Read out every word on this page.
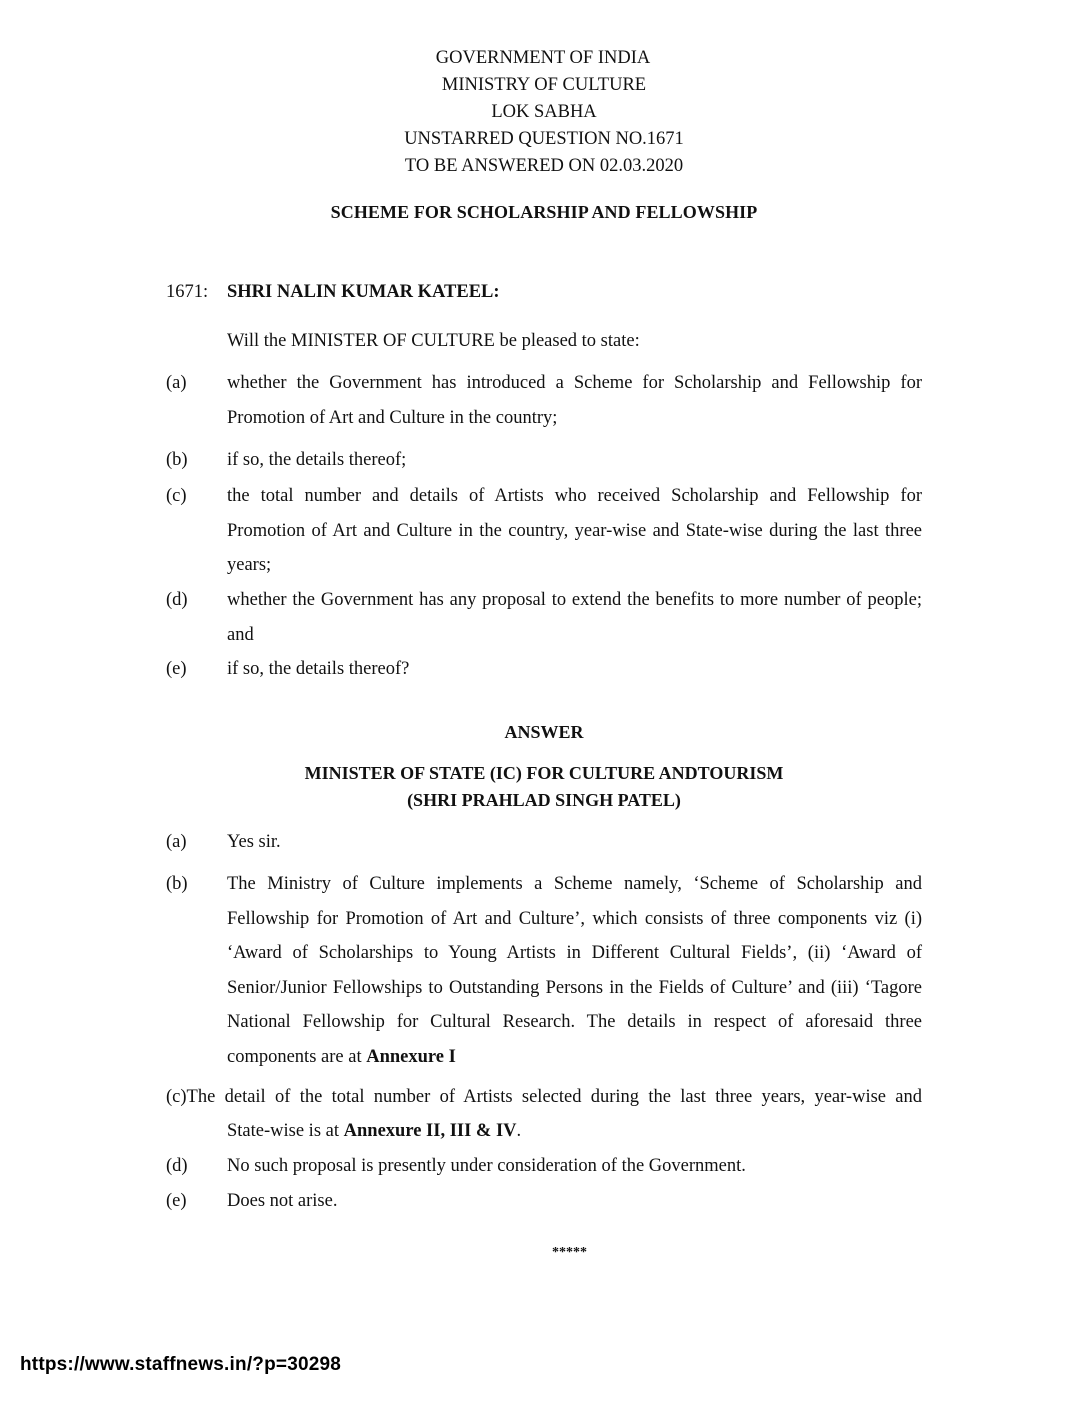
GOVERNMENT OF INDIA
MINISTRY OF CULTURE
LOK SABHA
UNSTARRED QUESTION NO.1671
TO BE ANSWERED ON 02.03.2020
SCHEME FOR SCHOLARSHIP AND FELLOWSHIP
1671: SHRI NALIN KUMAR KATEEL:
Will the MINISTER OF CULTURE be pleased to state:
(a) whether the Government has introduced a Scheme for Scholarship and Fellowship for Promotion of Art and Culture in the country;
(b) if so, the details thereof;
(c) the total number and details of Artists who received Scholarship and Fellowship for Promotion of Art and Culture in the country, year-wise and State-wise during the last three years;
(d) whether the Government has any proposal to extend the benefits to more number of people; and
(e) if so, the details thereof?
ANSWER
MINISTER OF STATE (IC) FOR CULTURE ANDTOURISM
(SHRI PRAHLAD SINGH PATEL)
(a) Yes sir.
(b) The Ministry of Culture implements a Scheme namely, ‘Scheme of Scholarship and Fellowship for Promotion of Art and Culture’, which consists of three components viz (i) ‘Award of Scholarships to Young Artists in Different Cultural Fields’, (ii) ‘Award of Senior/Junior Fellowships to Outstanding Persons in the Fields of Culture’ and (iii) ‘Tagore National Fellowship for Cultural Research. The details in respect of aforesaid three components are at Annexure I
(c)The detail of the total number of Artists selected during the last three years, year-wise and
State-wise is at Annexure II, III & IV.
(d) No such proposal is presently under consideration of the Government.
(e) Does not arise.
*****
https://www.staffnews.in/?p=30298
